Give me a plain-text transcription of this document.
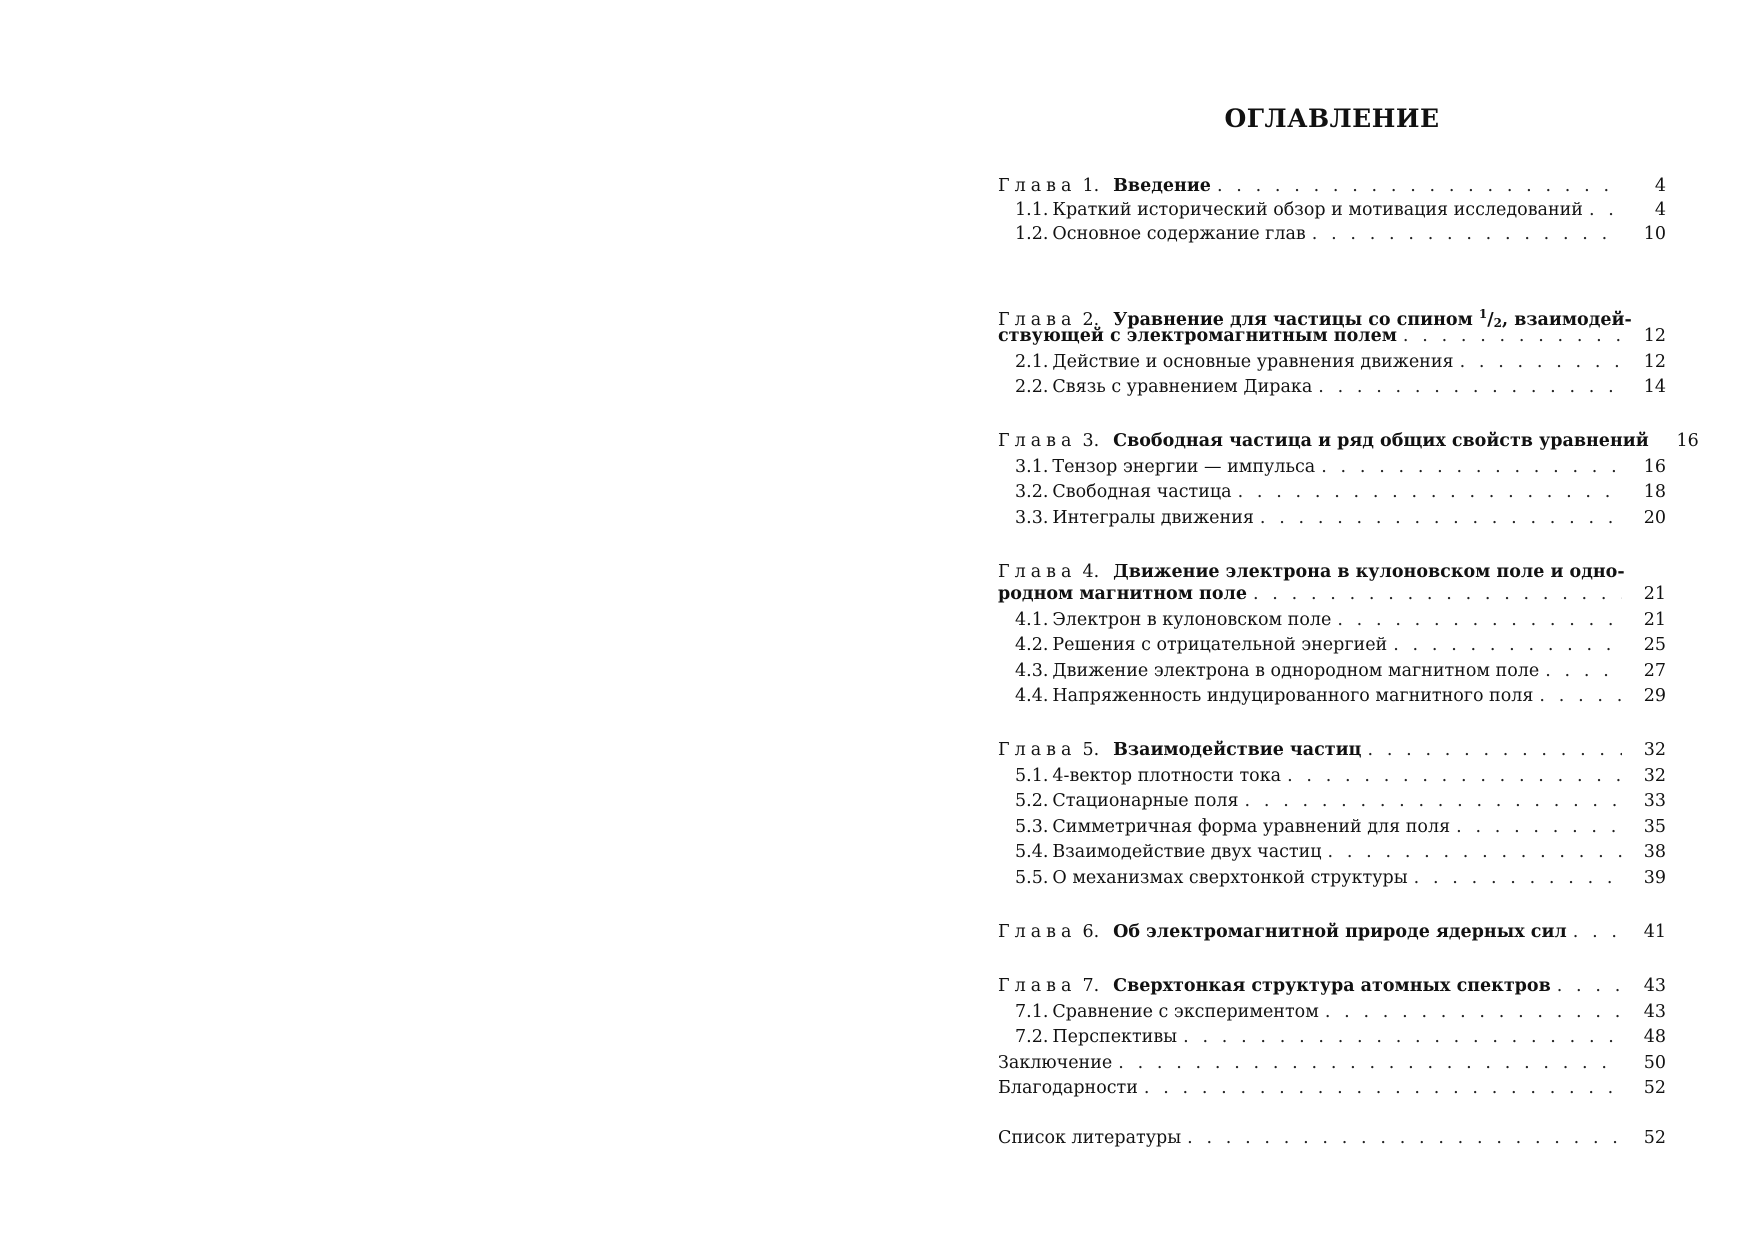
ОГЛАВЛЕНИЕ
Глава 1. Введение . . .	4
1.1. Краткий исторический обзор и мотивация исследований . . .	4
1.2. Основное содержание глав . . .	10
Глава 2. Уравнение для частицы со спином $^1/_2$, взаимодей-
ствующей с электромагнитным полем . . .	12
2.1. Действие и основные уравнения движения . . .	12
2.2. Связь с уравнением Дирака . . .	14
Глава 3. Свободная частица и ряд общих свойств уравнений	16
3.1. Тензор энергии — импульса . . .	16
3.2. Свободная частица . . .	18
3.3. Интегралы движения . . .	20
Глава 4. Движение электрона в кулоновском поле и одно-
родном магнитном поле . . .	21
4.1. Электрон в кулоновском поле . . .	21
4.2. Решения с отрицательной энергией . . .	25
4.3. Движение электрона в однородном магнитном поле . . .	27
4.4. Напряженность индуцированного магнитного поля . . .	29
Глава 5. Взаимодействие частиц . . .	32
5.1. 4-вектор плотности тока . . .	32
5.2. Стационарные поля . . .	33
5.3. Симметричная форма уравнений для поля . . .	35
5.4. Взаимодействие двух частиц . . .	38
5.5. О механизмах сверхтонкой структуры . . .	39
Глава 6. Об электромагнитной природе ядерных сил . . .	41
Глава 7. Сверхтонкая структура атомных спектров . . .	43
7.1. Сравнение с экспериментом . . .	43
7.2. Перспективы . . .	48
Заключение . . .	50
Благодарности . . .	52
Список литературы . . .	52
